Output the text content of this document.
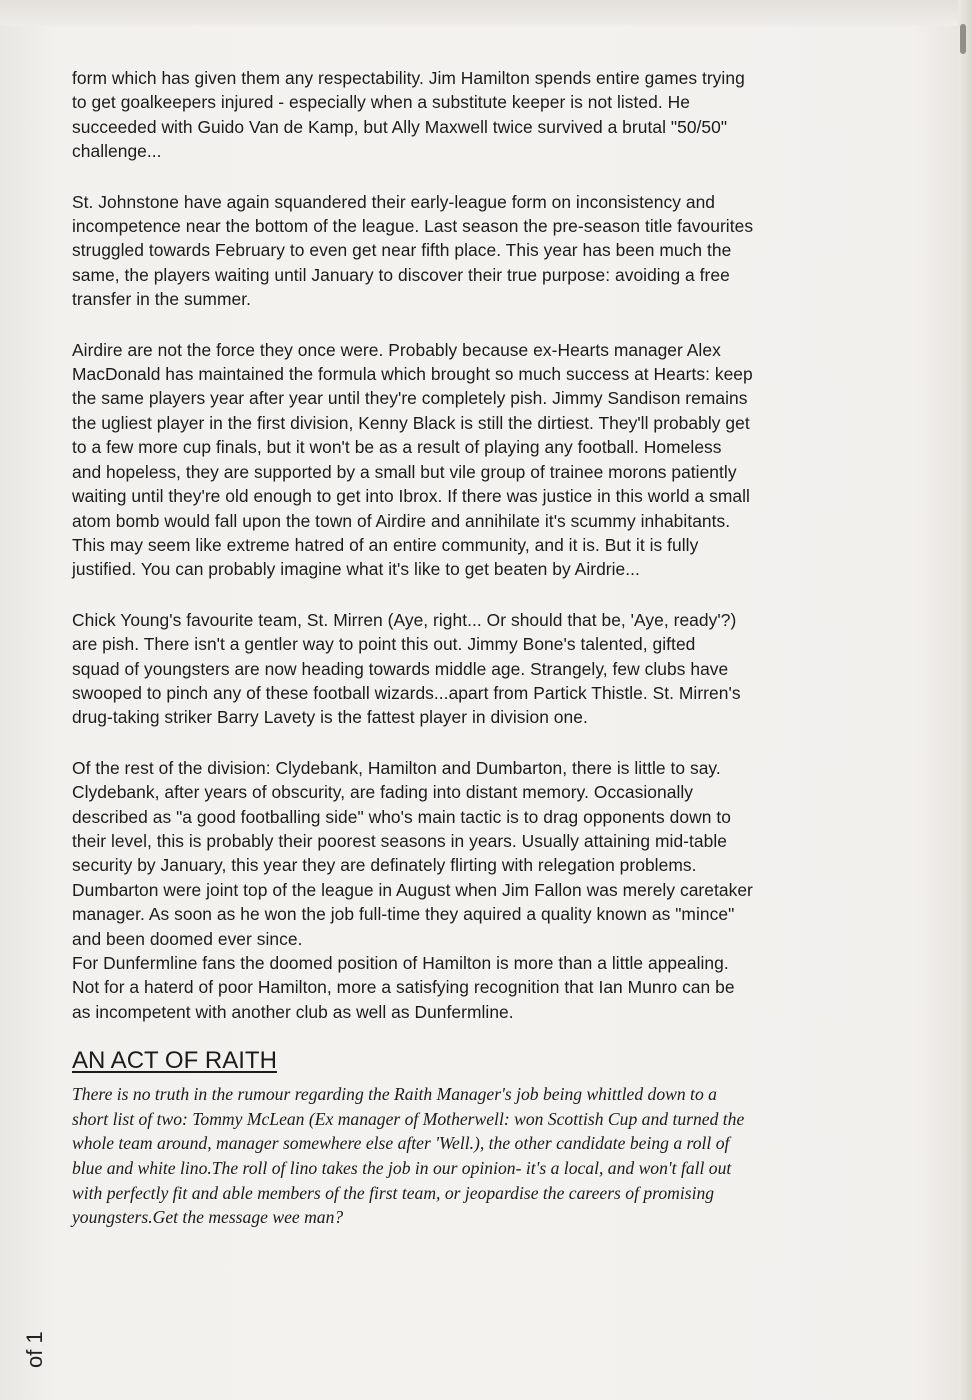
form which has given them any respectability. Jim Hamilton spends entire games trying
to get goalkeepers injured - especially when a substitute keeper is not listed. He
succeeded with Guido Van de Kamp, but Ally Maxwell twice survived a brutal "50/50"
challenge...

St. Johnstone have again squandered their early-league form on inconsistency and
incompetence near the bottom of the league. Last season the pre-season title favourites
struggled towards February to even get near fifth place. This year has been much the
same, the players waiting until January to discover their true purpose: avoiding a free
transfer in the summer.

Airdire are not the force they once were. Probably because ex-Hearts manager Alex
MacDonald has maintained the formula which brought so much success at Hearts: keep
the same players year after year until they're completely pish. Jimmy Sandison remains
the ugliest player in the first division, Kenny Black is still the dirtiest. They'll probably get
to a few more cup finals, but it won't be as a result of playing any football. Homeless
and hopeless, they are supported by a small but vile group of trainee morons patiently
waiting until they're old enough to get into Ibrox. If there was justice in this world a small
atom bomb would fall upon the town of Airdire and annihilate it's scummy inhabitants.
This may seem like extreme hatred of an entire community, and it is. But it is fully
justified. You can probably imagine what it's like to get beaten by Airdrie...

Chick Young's favourite team, St. Mirren (Aye, right... Or should that be, 'Aye, ready'?)
are pish. There isn't a gentler way to point this out. Jimmy Bone's talented, gifted
squad of youngsters are now heading towards middle age. Strangely, few clubs have
swooped to pinch any of these football wizards...apart from Partick Thistle. St. Mirren's
drug-taking striker Barry Lavety is the fattest player in division one.

Of the rest of the division: Clydebank, Hamilton and Dumbarton, there is little to say.
Clydebank, after years of obscurity, are fading into distant memory. Occasionally
described as "a good footballing side" who's main tactic is to drag opponents down to
their level, this is probably their poorest seasons in years. Usually attaining mid-table
security by January, this year they are definately flirting with relegation problems.
Dumbarton were joint top of the league in August when Jim Fallon was merely caretaker
manager. As soon as he won the job full-time they aquired a quality known as "mince"
and been doomed ever since.

For Dunfermline fans the doomed position of Hamilton is more than a little appealing.
Not for a haterd of poor Hamilton, more a satisfying recognition that Ian Munro can be
as incompetent with another club as well as Dunfermline.

AN ACT OF RAITH

There is no truth in the rumour regarding the Raith Manager's job being whittled down to a
short list of two: Tommy McLean (Ex manager of Motherwell: won Scottish Cup and turned the
whole team around, manager somewhere else after 'Well.), the other candidate being a roll of
blue and white lino.The roll of lino takes the job in our opinion- it's a local, and won't fall out
with perfectly fit and able members of the first team, or jeopardise the careers of promising
youngsters.Get the message wee man?

of 1
